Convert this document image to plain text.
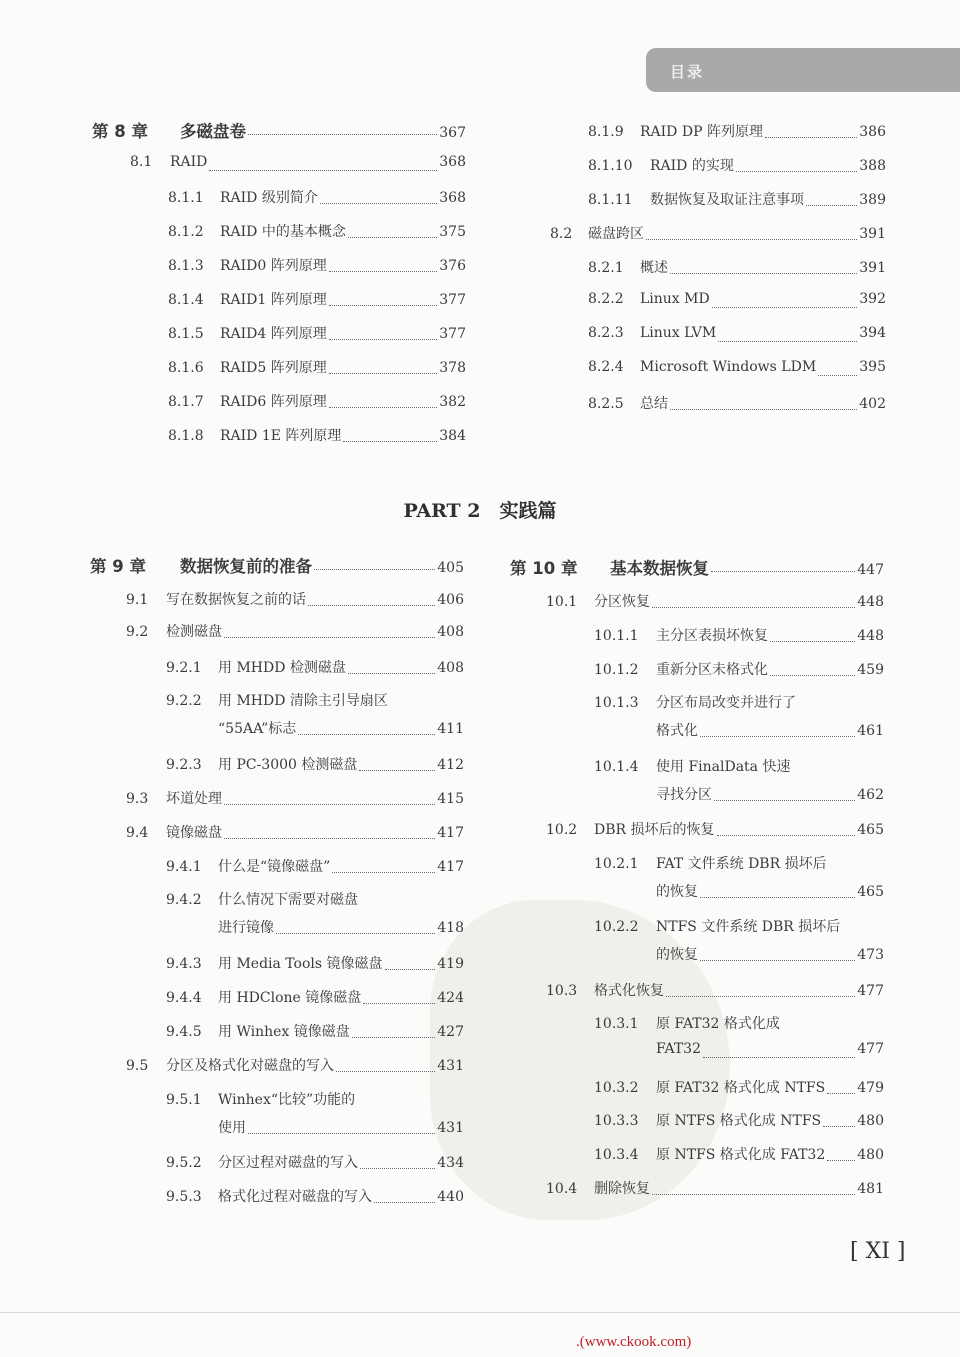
目录
第 8 章	多磁盘卷	367
8.1	RAID	368
8.1.1	RAID 级别简介	368
8.1.2	RAID 中的基本概念	375
8.1.3	RAID0 阵列原理	376
8.1.4	RAID1 阵列原理	377
8.1.5	RAID4 阵列原理	377
8.1.6	RAID5 阵列原理	378
8.1.7	RAID6 阵列原理	382
8.1.8	RAID 1E 阵列原理	384
8.1.9	RAID DP 阵列原理	386
8.1.10	RAID 的实现	388
8.1.11	数据恢复及取证注意事项	389
8.2	磁盘跨区	391
8.2.1	概述	391
8.2.2	Linux MD	392
8.2.3	Linux LVM	394
8.2.4	Microsoft Windows LDM	395
8.2.5	总结	402
第 9 章	数据恢复前的准备	405
9.1	写在数据恢复之前的话	406
9.2	检测磁盘	408
9.2.1	用 MHDD 检测磁盘	408
9.2.2	用 MHDD 清除主引导扇区
“55AA”标志	411
9.2.3	用 PC-3000 检测磁盘	412
9.3	坏道处理	415
9.4	镜像磁盘	417
9.4.1	什么是“镜像磁盘”	417
9.4.2	什么情况下需要对磁盘
进行镜像	418
9.4.3	用 Media Tools 镜像磁盘	419
9.4.4	用 HDClone 镜像磁盘	424
9.4.5	用 Winhex 镜像磁盘	427
9.5	分区及格式化对磁盘的写入	431
9.5.1	Winhex“比较”功能的
使用	431
9.5.2	分区过程对磁盘的写入	434
9.5.3	格式化过程对磁盘的写入	440
第 10 章	基本数据恢复	447
10.1	分区恢复	448
10.1.1	主分区表损坏恢复	448
10.1.2	重新分区未格式化	459
10.1.3	分区布局改变并进行了
格式化	461
10.1.4	使用 FinalData 快速
寻找分区	462
10.2	DBR 损坏后的恢复	465
10.2.1	FAT 文件系统 DBR 损坏后
的恢复	465
10.2.2	NTFS 文件系统 DBR 损坏后
的恢复	473
10.3	格式化恢复	477
10.3.1	原 FAT32 格式化成
FAT32	477
10.3.2	原 FAT32 格式化成 NTFS 479
10.3.3	原 NTFS 格式化成 NTFS	480
10.3.4	原 NTFS 格式化成 FAT32 480
10.4	删除恢复	481
PART 2　实践篇
[ XI ]
.(www.ckook.com)
